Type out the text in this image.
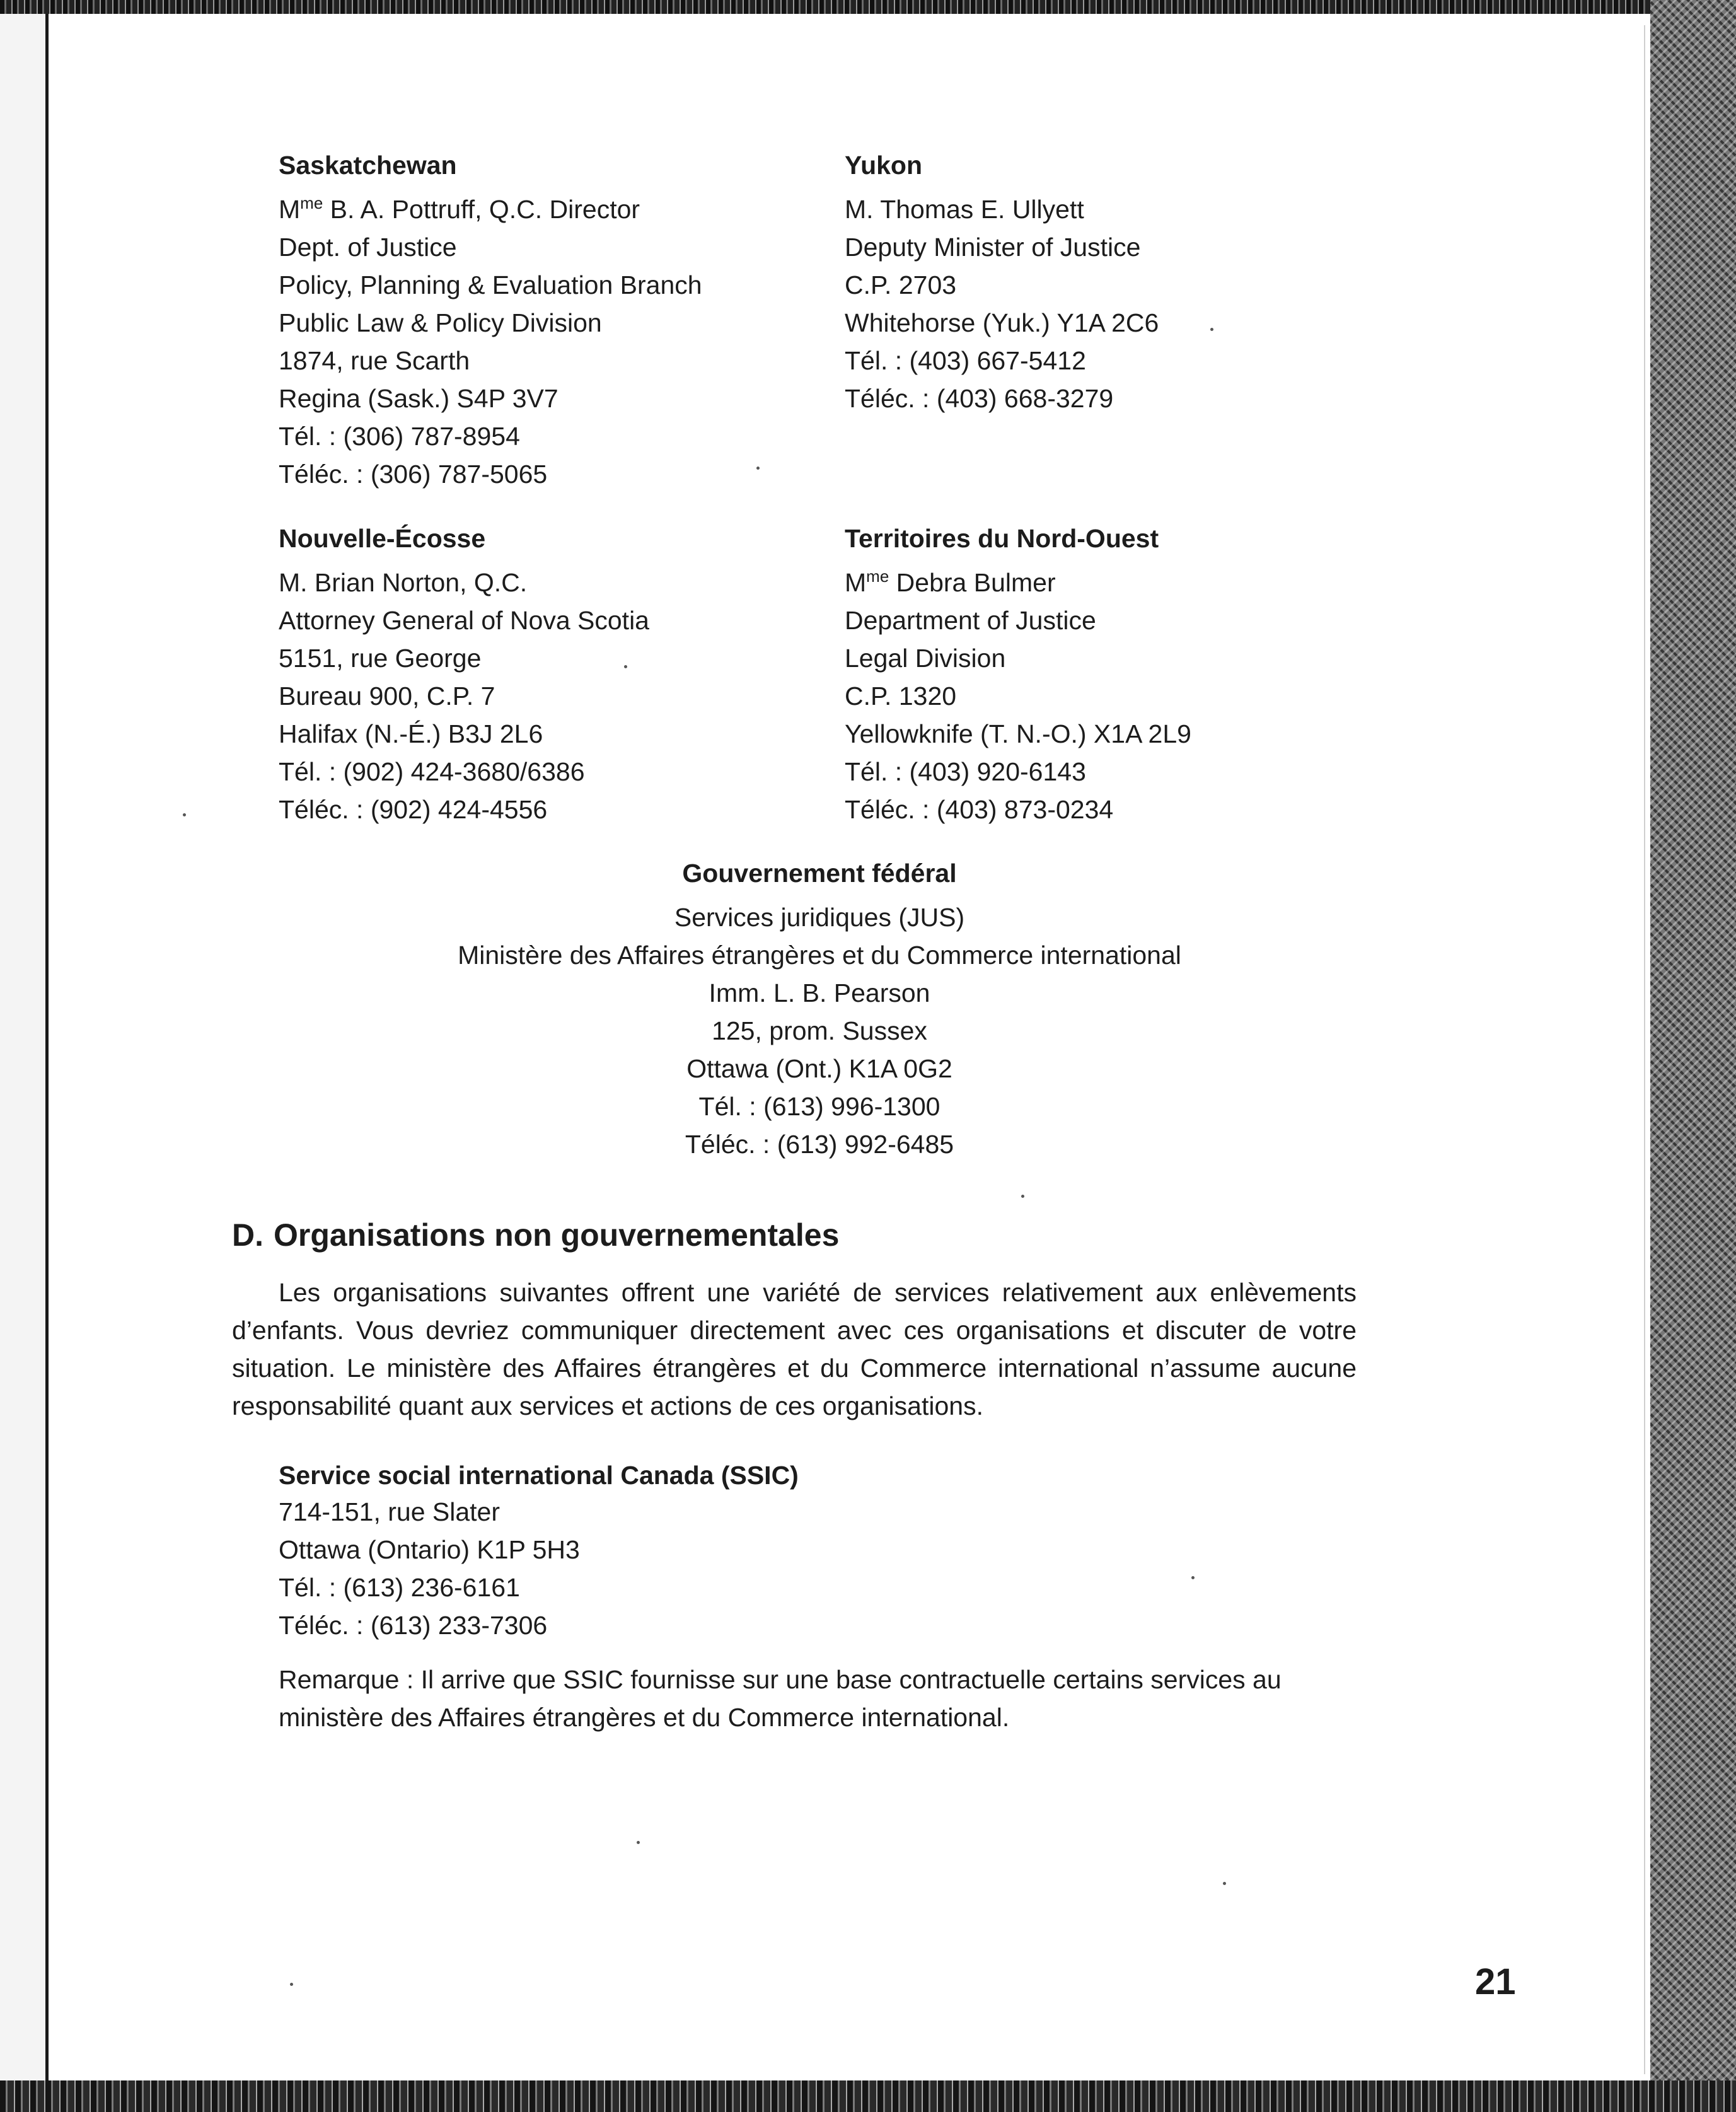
Saskatchewan
$M^{me}$ B. A. Pottruff, Q.C. Director
Dept. of Justice
Policy, Planning & Evaluation Branch
Public Law & Policy Division
1874, rue Scarth
Regina (Sask.) S4P 3V7
Tél. : (306) 787-8954
Téléc. : (306) 787-5065
Yukon
M. Thomas E. Ullyett
Deputy Minister of Justice
C.P. 2703
Whitehorse (Yuk.) Y1A 2C6
Tél. : (403) 667-5412
Téléc. : (403) 668-3279
Nouvelle-Écosse
M. Brian Norton, Q.C.
Attorney General of Nova Scotia
5151, rue George
Bureau 900, C.P. 7
Halifax (N.-É.) B3J 2L6
Tél. : (902) 424-3680/6386
Téléc. : (902) 424-4556
Territoires du Nord-Ouest
$M^{me}$ Debra Bulmer
Department of Justice
Legal Division
C.P. 1320
Yellowknife (T. N.-O.) X1A 2L9
Tél. : (403) 920-6143
Téléc. : (403) 873-0234
Gouvernement fédéral
Services juridiques (JUS)
Ministère des Affaires étrangères et du Commerce international
Imm. L. B. Pearson
125, prom. Sussex
Ottawa (Ont.) K1A 0G2
Tél. : (613) 996-1300
Téléc. : (613) 992-6485
D. Organisations non gouvernementales
Les organisations suivantes offrent une variété de services relativement aux enlèvements d’enfants. Vous devriez communiquer directement avec ces organisations et discuter de votre situation. Le ministère des Affaires étrangères et du Commerce international n’assume aucune responsabilité quant aux services et actions de ces organisations.
Service social international Canada (SSIC)
714-151, rue Slater
Ottawa (Ontario) K1P 5H3
Tél. : (613) 236-6161
Téléc. : (613) 233-7306
Remarque : Il arrive que SSIC fournisse sur une base contractuelle certains services au ministère des Affaires étrangères et du Commerce international.
21
